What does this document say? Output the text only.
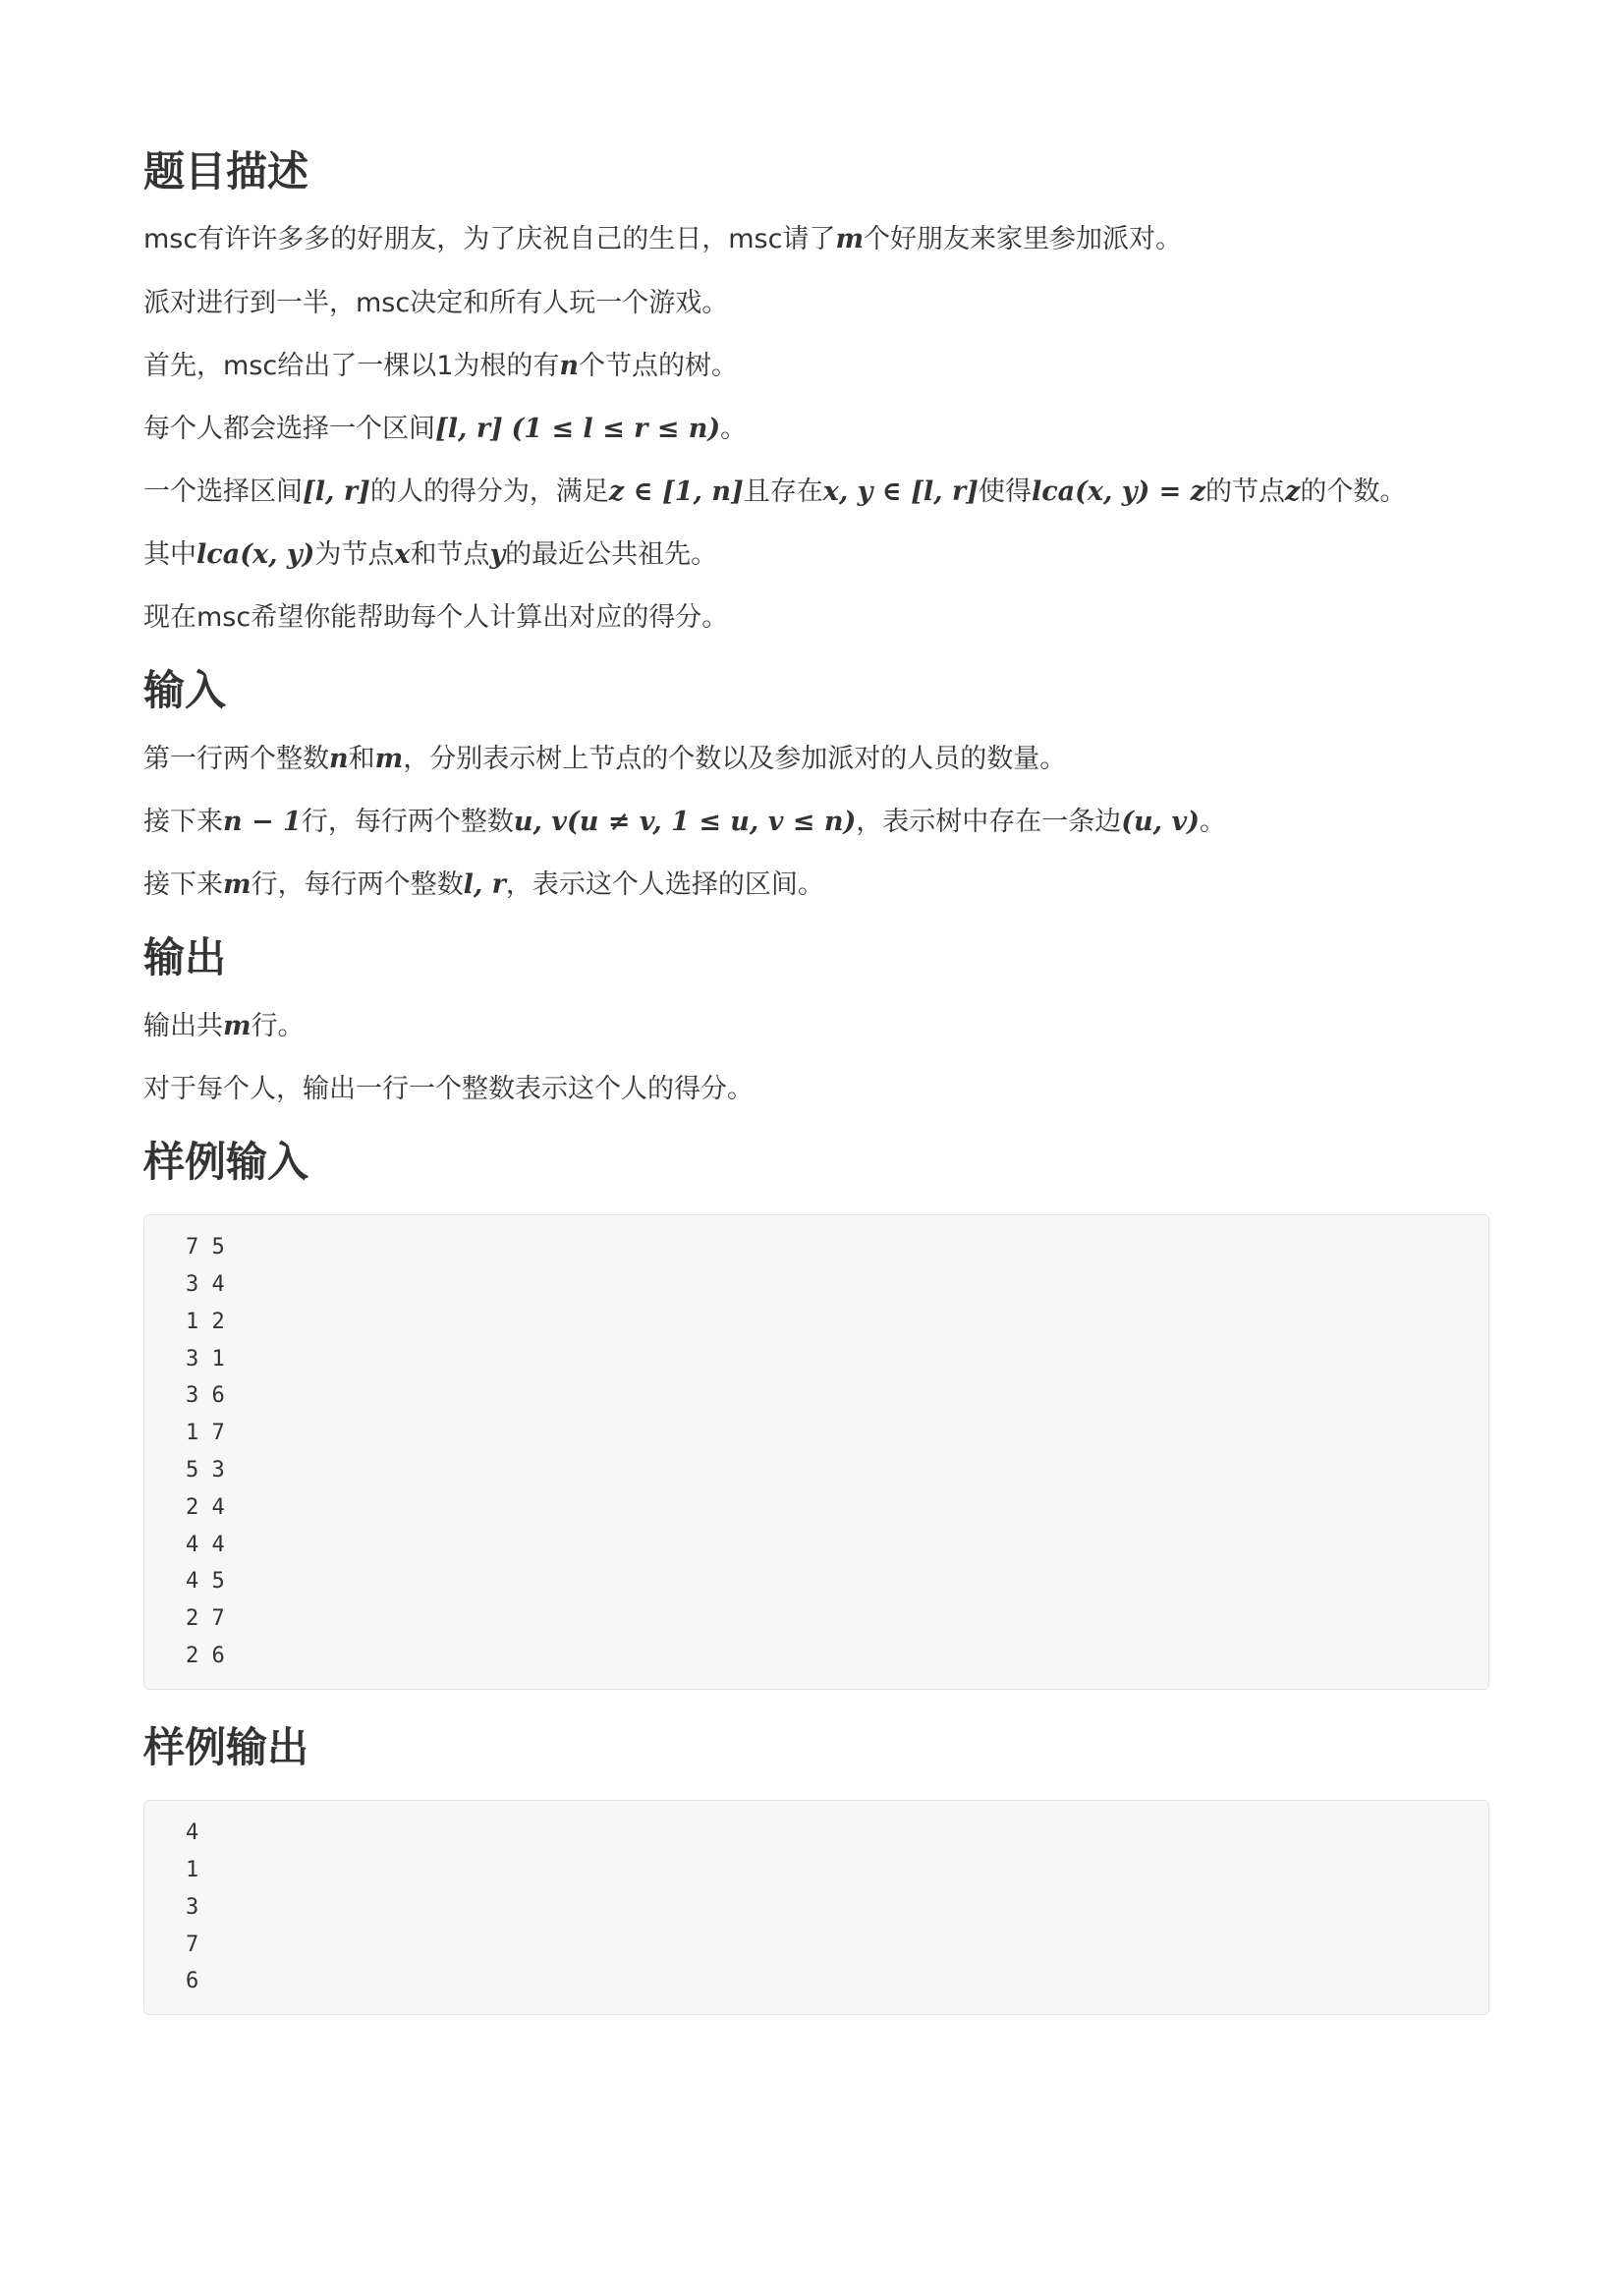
题目描述

msc有许许多多的好朋友，为了庆祝自己的生日，msc请了m个好朋友来家里参加派对。

派对进行到一半，msc决定和所有人玩一个游戏。

首先，msc给出了一棵以1为根的有n个节点的树。

每个人都会选择一个区间[l, r] (1 ≤ l ≤ r ≤ n)。

一个选择区间[l, r]的人的得分为，满足z ∈ [1, n]且存在x, y ∈ [l, r]使得lca(x, y) = z的节点z的个数。

其中lca(x, y)为节点x和节点y的最近公共祖先。

现在msc希望你能帮助每个人计算出对应的得分。

输入

第一行两个整数n和m，分别表示树上节点的个数以及参加派对的人员的数量。

接下来n − 1行，每行两个整数u, v(u ≠ v, 1 ≤ u, v ≤ n)，表示树中存在一条边(u, v)。

接下来m行，每行两个整数l, r，表示这个人选择的区间。

输出

输出共m行。

对于每个人，输出一行一个整数表示这个人的得分。

样例输入
7 5
3 4
1 2
3 1
3 6
1 7
5 3
2 4
4 4
4 5
2 7
2 6
样例输出
4
1
3
7
6
